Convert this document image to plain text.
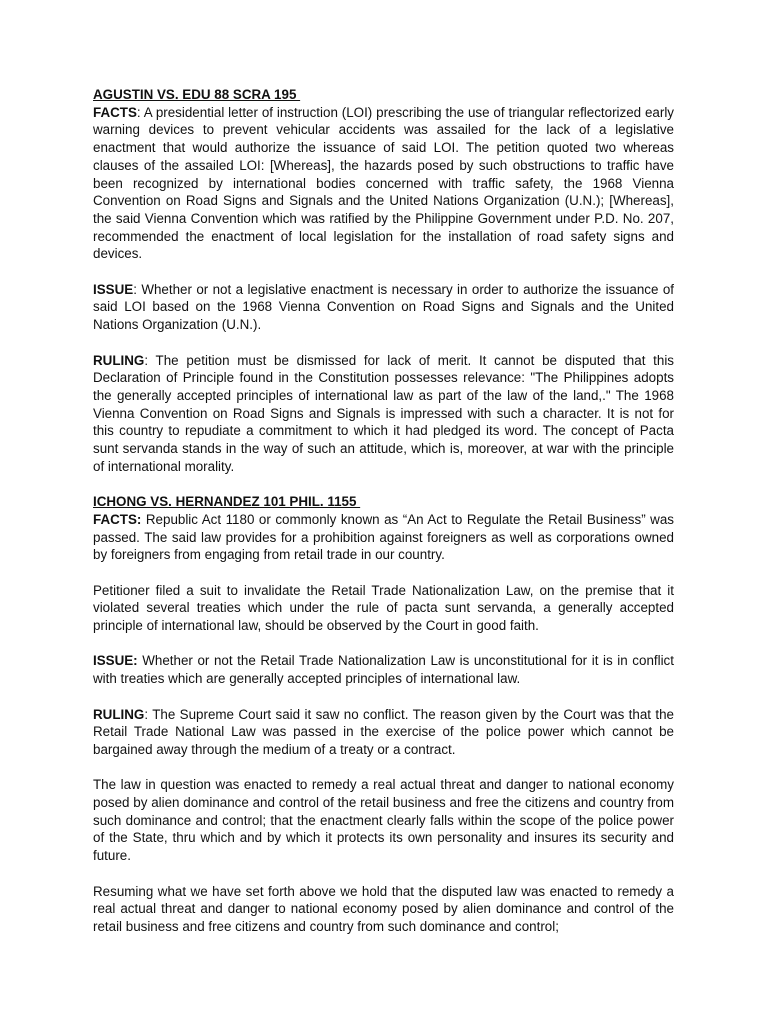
AGUSTIN VS. EDU 88 SCRA 195

FACTS: A presidential letter of instruction (LOI) prescribing the use of triangular reflectorized early warning devices to prevent vehicular accidents was assailed for the lack of a legislative enactment that would authorize the issuance of said LOI. The petition quoted two whereas clauses of the assailed LOI: [Whereas], the hazards posed by such obstructions to traffic have been recognized by international bodies concerned with traffic safety, the 1968 Vienna Convention on Road Signs and Signals and the United Nations Organization (U.N.); [Whereas], the said Vienna Convention which was ratified by the Philippine Government under P.D. No. 207, recommended the enactment of local legislation for the installation of road safety signs and devices.

ISSUE: Whether or not a legislative enactment is necessary in order to authorize the issuance of said LOI based on the 1968 Vienna Convention on Road Signs and Signals and the United Nations Organization (U.N.).

RULING: The petition must be dismissed for lack of merit. It cannot be disputed that this Declaration of Principle found in the Constitution possesses relevance: "The Philippines adopts the generally accepted principles of international law as part of the law of the land,." The 1968 Vienna Convention on Road Signs and Signals is impressed with such a character. It is not for this country to repudiate a commitment to which it had pledged its word. The concept of Pacta sunt servanda stands in the way of such an attitude, which is, moreover, at war with the principle of international morality.

ICHONG VS. HERNANDEZ 101 PHIL. 1155

FACTS: Republic Act 1180 or commonly known as “An Act to Regulate the Retail Business” was passed. The said law provides for a prohibition against foreigners as well as corporations owned by foreigners from engaging from retail trade in our country.

Petitioner filed a suit to invalidate the Retail Trade Nationalization Law, on the premise that it violated several treaties which under the rule of pacta sunt servanda, a generally accepted principle of international law, should be observed by the Court in good faith.

ISSUE: Whether or not the Retail Trade Nationalization Law is unconstitutional for it is in conflict with treaties which are generally accepted principles of international law.

RULING: The Supreme Court said it saw no conflict. The reason given by the Court was that the Retail Trade National Law was passed in the exercise of the police power which cannot be bargained away through the medium of a treaty or a contract.

The law in question was enacted to remedy a real actual threat and danger to national economy posed by alien dominance and control of the retail business and free the citizens and country from such dominance and control; that the enactment clearly falls within the scope of the police power of the State, thru which and by which it protects its own personality and insures its security and future.

Resuming what we have set forth above we hold that the disputed law was enacted to remedy a real actual threat and danger to national economy posed by alien dominance and control of the retail business and free citizens and country from such dominance and control;
